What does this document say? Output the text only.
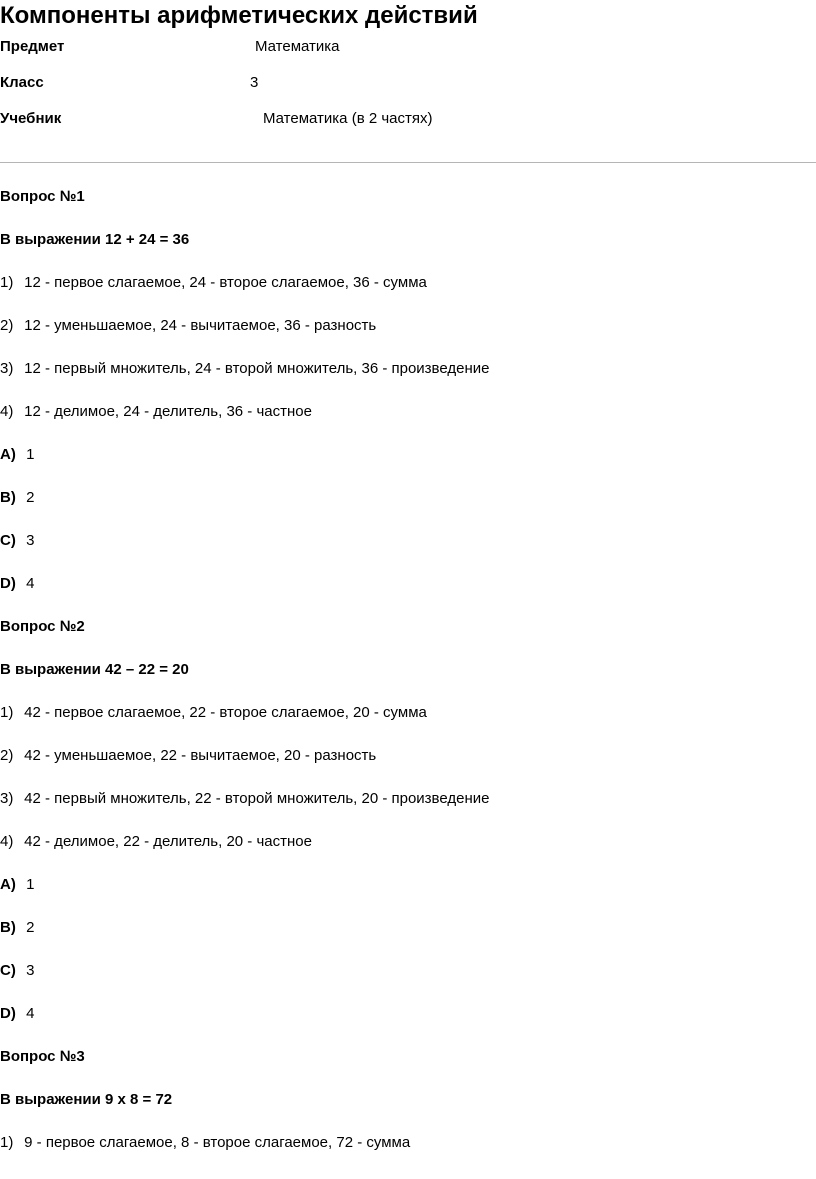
Компоненты арифметических действий
Предмет	Математика
Класс	3
Учебник	Математика (в 2 частях)
Вопрос №1
В выражении 12 + 24 = 36
1) 12 - первое слагаемое, 24 - второе слагаемое, 36 - сумма
2) 12 - уменьшаемое, 24 - вычитаемое, 36 - разность
3) 12 - первый множитель, 24 - второй множитель, 36 - произведение
4) 12 - делимое, 24 - делитель, 36 - частное
A) 1
B) 2
C) 3
D) 4
Вопрос №2
В выражении 42 – 22 = 20
1) 42 - первое слагаемое, 22 - второе слагаемое, 20 - сумма
2) 42 - уменьшаемое, 22 - вычитаемое, 20 - разность
3) 42 - первый множитель, 22 - второй множитель, 20 - произведение
4) 42 - делимое, 22 - делитель, 20 - частное
A) 1
B) 2
C) 3
D) 4
Вопрос №3
В выражении 9 х 8 = 72
1) 9 - первое слагаемое, 8 - второе слагаемое, 72 - сумма
